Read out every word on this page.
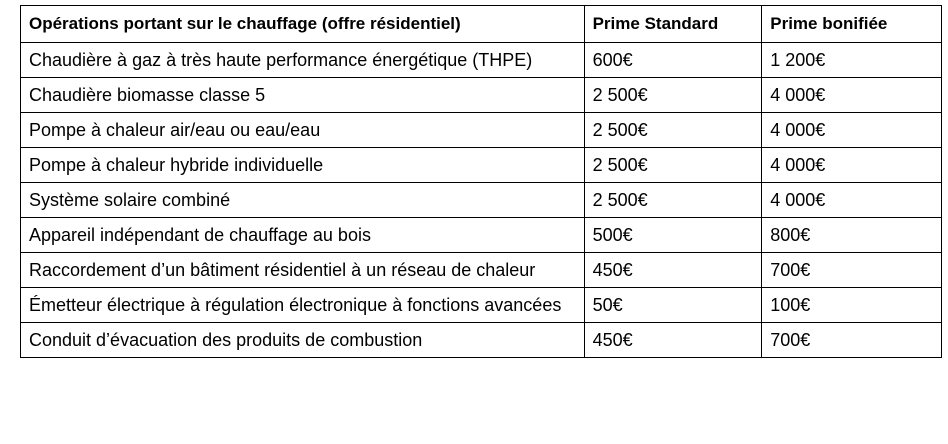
Opérations portant sur le chauffage (offre résidentiel)	Prime Standard	Prime bonifiée
Chaudière à gaz à très haute performance énergétique (THPE)	600€	1 200€
Chaudière biomasse classe 5	2 500€	4 000€
Pompe à chaleur air/eau ou eau/eau	2 500€	4 000€
Pompe à chaleur hybride individuelle	2 500€	4 000€
Système solaire combiné	2 500€	4 000€
Appareil indépendant de chauffage au bois	500€	800€
Raccordement d’un bâtiment résidentiel à un réseau de chaleur	450€	700€
Émetteur électrique à régulation électronique à fonctions avancées	50€	100€
Conduit d’évacuation des produits de combustion	450€	700€
